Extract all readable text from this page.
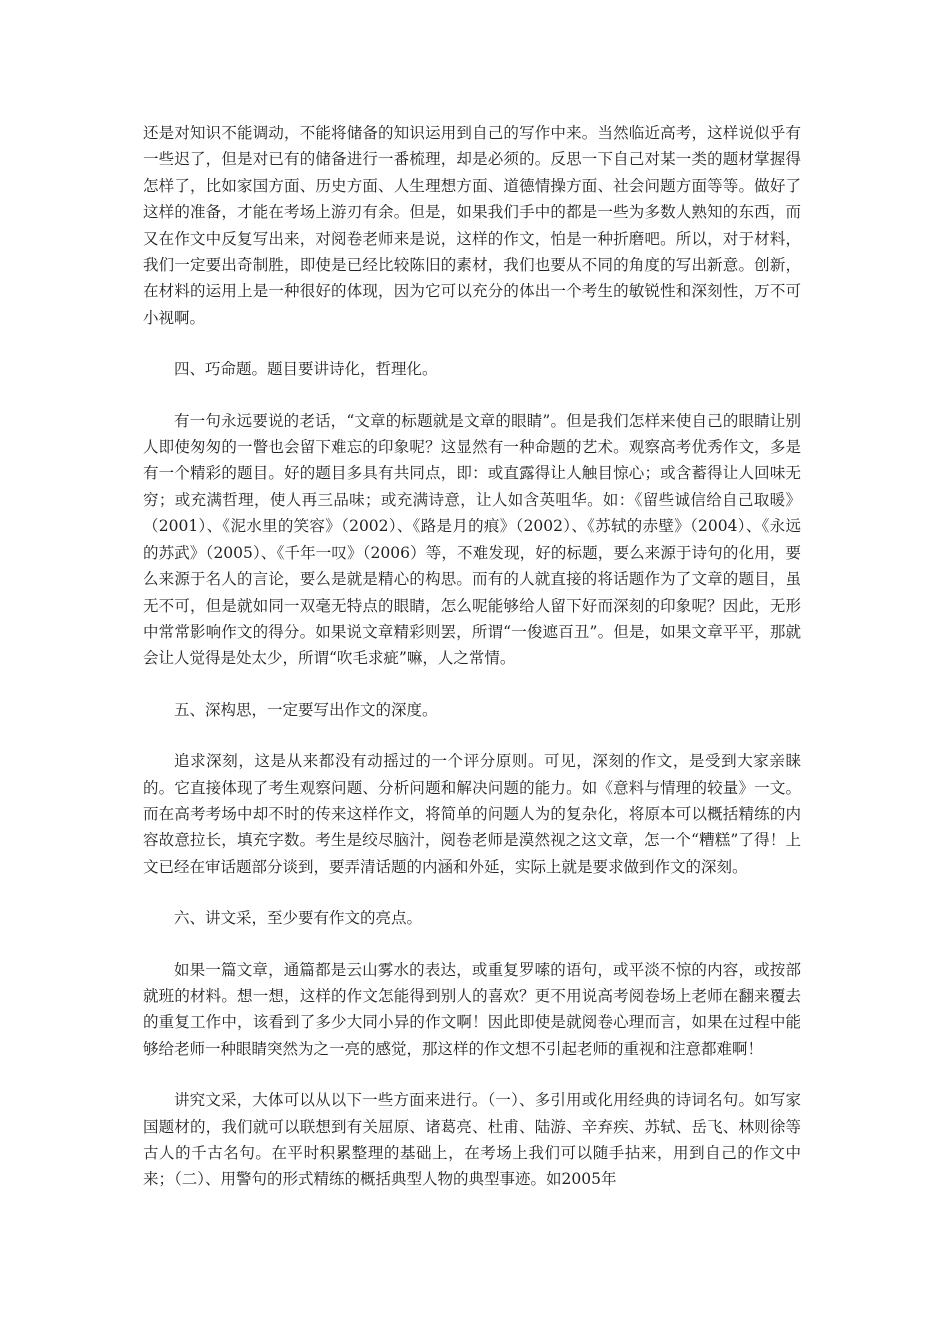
还是对知识不能调动，不能将储备的知识运用到自己的写作中来。当然临近高考，这样说似乎有一些迟了，但是对已有的储备进行一番梳理，却是必须的。反思一下自己对某一类的题材掌握得怎样了，比如家国方面、历史方面、人生理想方面、道德情操方面、社会问题方面等等。做好了这样的准备，才能在考场上游刃有余。但是，如果我们手中的都是一些为多数人熟知的东西，而又在作文中反复写出来，对阅卷老师来是说，这样的作文，怕是一种折磨吧。所以，对于材料，我们一定要出奇制胜，即使是已经比较陈旧的素材，我们也要从不同的角度的写出新意。创新，在材料的运用上是一种很好的体现，因为它可以充分的体出一个考生的敏锐性和深刻性，万不可小视啊。

四、巧命题。题目要讲诗化，哲理化。

有一句永远要说的老话，“文章的标题就是文章的眼睛”。但是我们怎样来使自己的眼睛让别人即使匆匆的一瞥也会留下难忘的印象呢？这显然有一种命题的艺术。观察高考优秀作文，多是有一个精彩的题目。好的题目多具有共同点，即：或直露得让人触目惊心；或含蓄得让人回味无穷；或充满哲理，使人再三品味；或充满诗意，让人如含英咀华。如：《留些诚信给自己取暖》（2001）、《泥水里的笑容》（2002）、《路是月的痕》（2002）、《苏轼的赤壁》（2004）、《永远的苏武》（2005）、《千年一叹》（2006）等，不难发现，好的标题，要么来源于诗句的化用，要么来源于名人的言论，要么是就是精心的构思。而有的人就直接的将话题作为了文章的题目，虽无不可，但是就如同一双毫无特点的眼睛，怎么呢能够给人留下好而深刻的印象呢？因此，无形中常常影响作文的得分。如果说文章精彩则罢，所谓“一俊遮百丑”。但是，如果文章平平，那就会让人觉得是处太少，所谓“吹毛求疵”嘛，人之常情。

五、深构思，一定要写出作文的深度。

追求深刻，这是从来都没有动摇过的一个评分原则。可见，深刻的作文，是受到大家亲睐的。它直接体现了考生观察问题、分析问题和解决问题的能力。如《意料与情理的较量》一文。而在高考考场中却不时的传来这样作文，将简单的问题人为的复杂化，将原本可以概括精练的内容故意拉长，填充字数。考生是绞尽脑汁，阅卷老师是漠然视之这文章，怎一个“糟糕”了得！上文已经在审话题部分谈到，要弄清话题的内涵和外延，实际上就是要求做到作文的深刻。

六、讲文采，至少要有作文的亮点。

如果一篇文章，通篇都是云山雾水的表达，或重复罗嗦的语句，或平淡不惊的内容，或按部就班的材料。想一想，这样的作文怎能得到别人的喜欢？更不用说高考阅卷场上老师在翻来覆去的重复工作中，该看到了多少大同小异的作文啊！因此即使是就阅卷心理而言，如果在过程中能够给老师一种眼睛突然为之一亮的感觉，那这样的作文想不引起老师的重视和注意都难啊！

讲究文采，大体可以从以下一些方面来进行。（一）、多引用或化用经典的诗词名句。如写家国题材的，我们就可以联想到有关屈原、诸葛亮、杜甫、陆游、辛弃疾、苏轼、岳飞、林则徐等古人的千古名句。在平时积累整理的基础上，在考场上我们可以随手拈来，用到自己的作文中来；（二）、用警句的形式精练的概括典型人物的典型事迹。如2005年
